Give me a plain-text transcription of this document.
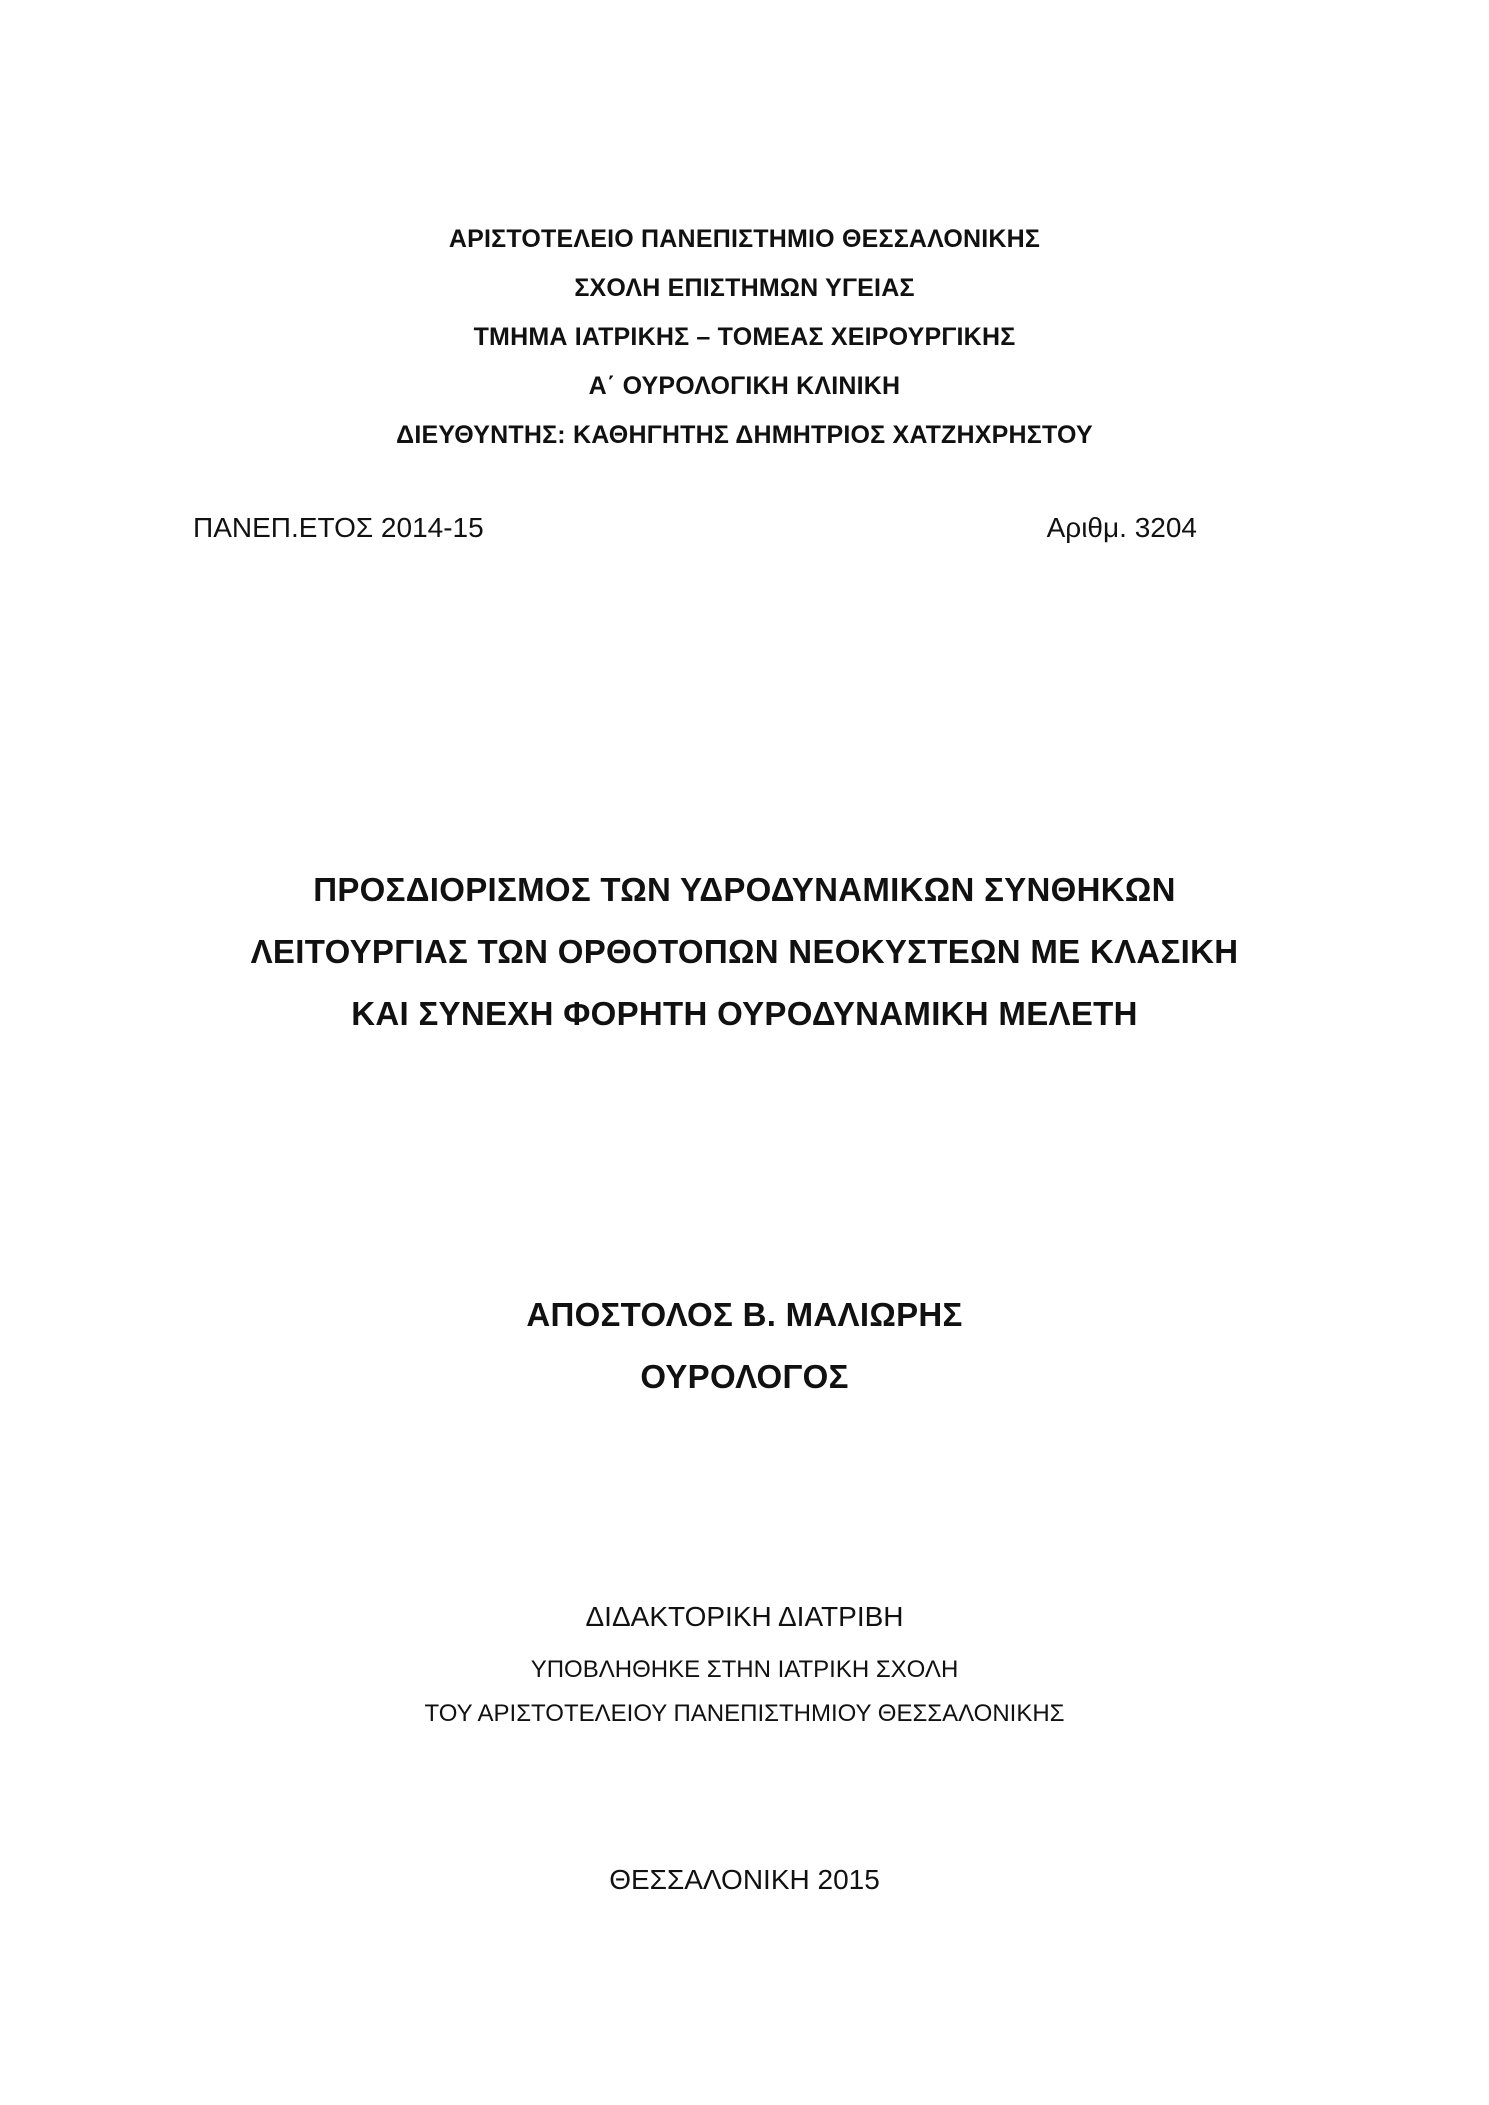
ΑΡΙΣΤΟΤΕΛΕΙΟ ΠΑΝΕΠΙΣΤΗΜΙΟ ΘΕΣΣΑΛΟΝΙΚΗΣ
ΣΧΟΛΗ ΕΠΙΣΤΗΜΩΝ ΥΓΕΙΑΣ
ΤΜΗΜΑ ΙΑΤΡΙΚΗΣ – ΤΟΜΕΑΣ ΧΕΙΡΟΥΡΓΙΚΗΣ
Α΄ ΟΥΡΟΛΟΓΙΚΗ ΚΛΙΝΙΚΗ
ΔΙΕΥΘΥΝΤΗΣ: ΚΑΘΗΓΗΤΗΣ ΔΗΜΗΤΡΙΟΣ ΧΑΤΖΗΧΡΗΣΤΟΥ
ΠΑΝΕΠ.ΕΤΟΣ 2014-15	Αριθμ. 3204
ΠΡΟΣΔΙΟΡΙΣΜΟΣ ΤΩΝ ΥΔΡΟΔΥΝΑΜΙΚΩΝ ΣΥΝΘΗΚΩΝ
ΛΕΙΤΟΥΡΓΙΑΣ ΤΩΝ ΟΡΘΟΤΟΠΩΝ ΝΕΟΚΥΣΤΕΩΝ ΜΕ ΚΛΑΣΙΚΗ
ΚΑΙ ΣΥΝΕΧΗ ΦΟΡΗΤΗ ΟΥΡΟΔΥΝΑΜΙΚΗ ΜΕΛΕΤΗ
ΑΠΟΣΤΟΛΟΣ Β. ΜΑΛΙΩΡΗΣ
ΟΥΡΟΛΟΓΟΣ
ΔΙΔΑΚΤΟΡΙΚΗ ΔΙΑΤΡΙΒΗ
ΥΠΟΒΛΗΘΗΚΕ ΣΤΗΝ ΙΑΤΡΙΚΗ ΣΧΟΛΗ
ΤΟΥ ΑΡΙΣΤΟΤΕΛΕΙΟΥ ΠΑΝΕΠΙΣΤΗΜΙΟΥ ΘΕΣΣΑΛΟΝΙΚΗΣ
ΘΕΣΣΑΛΟΝΙΚΗ 2015
